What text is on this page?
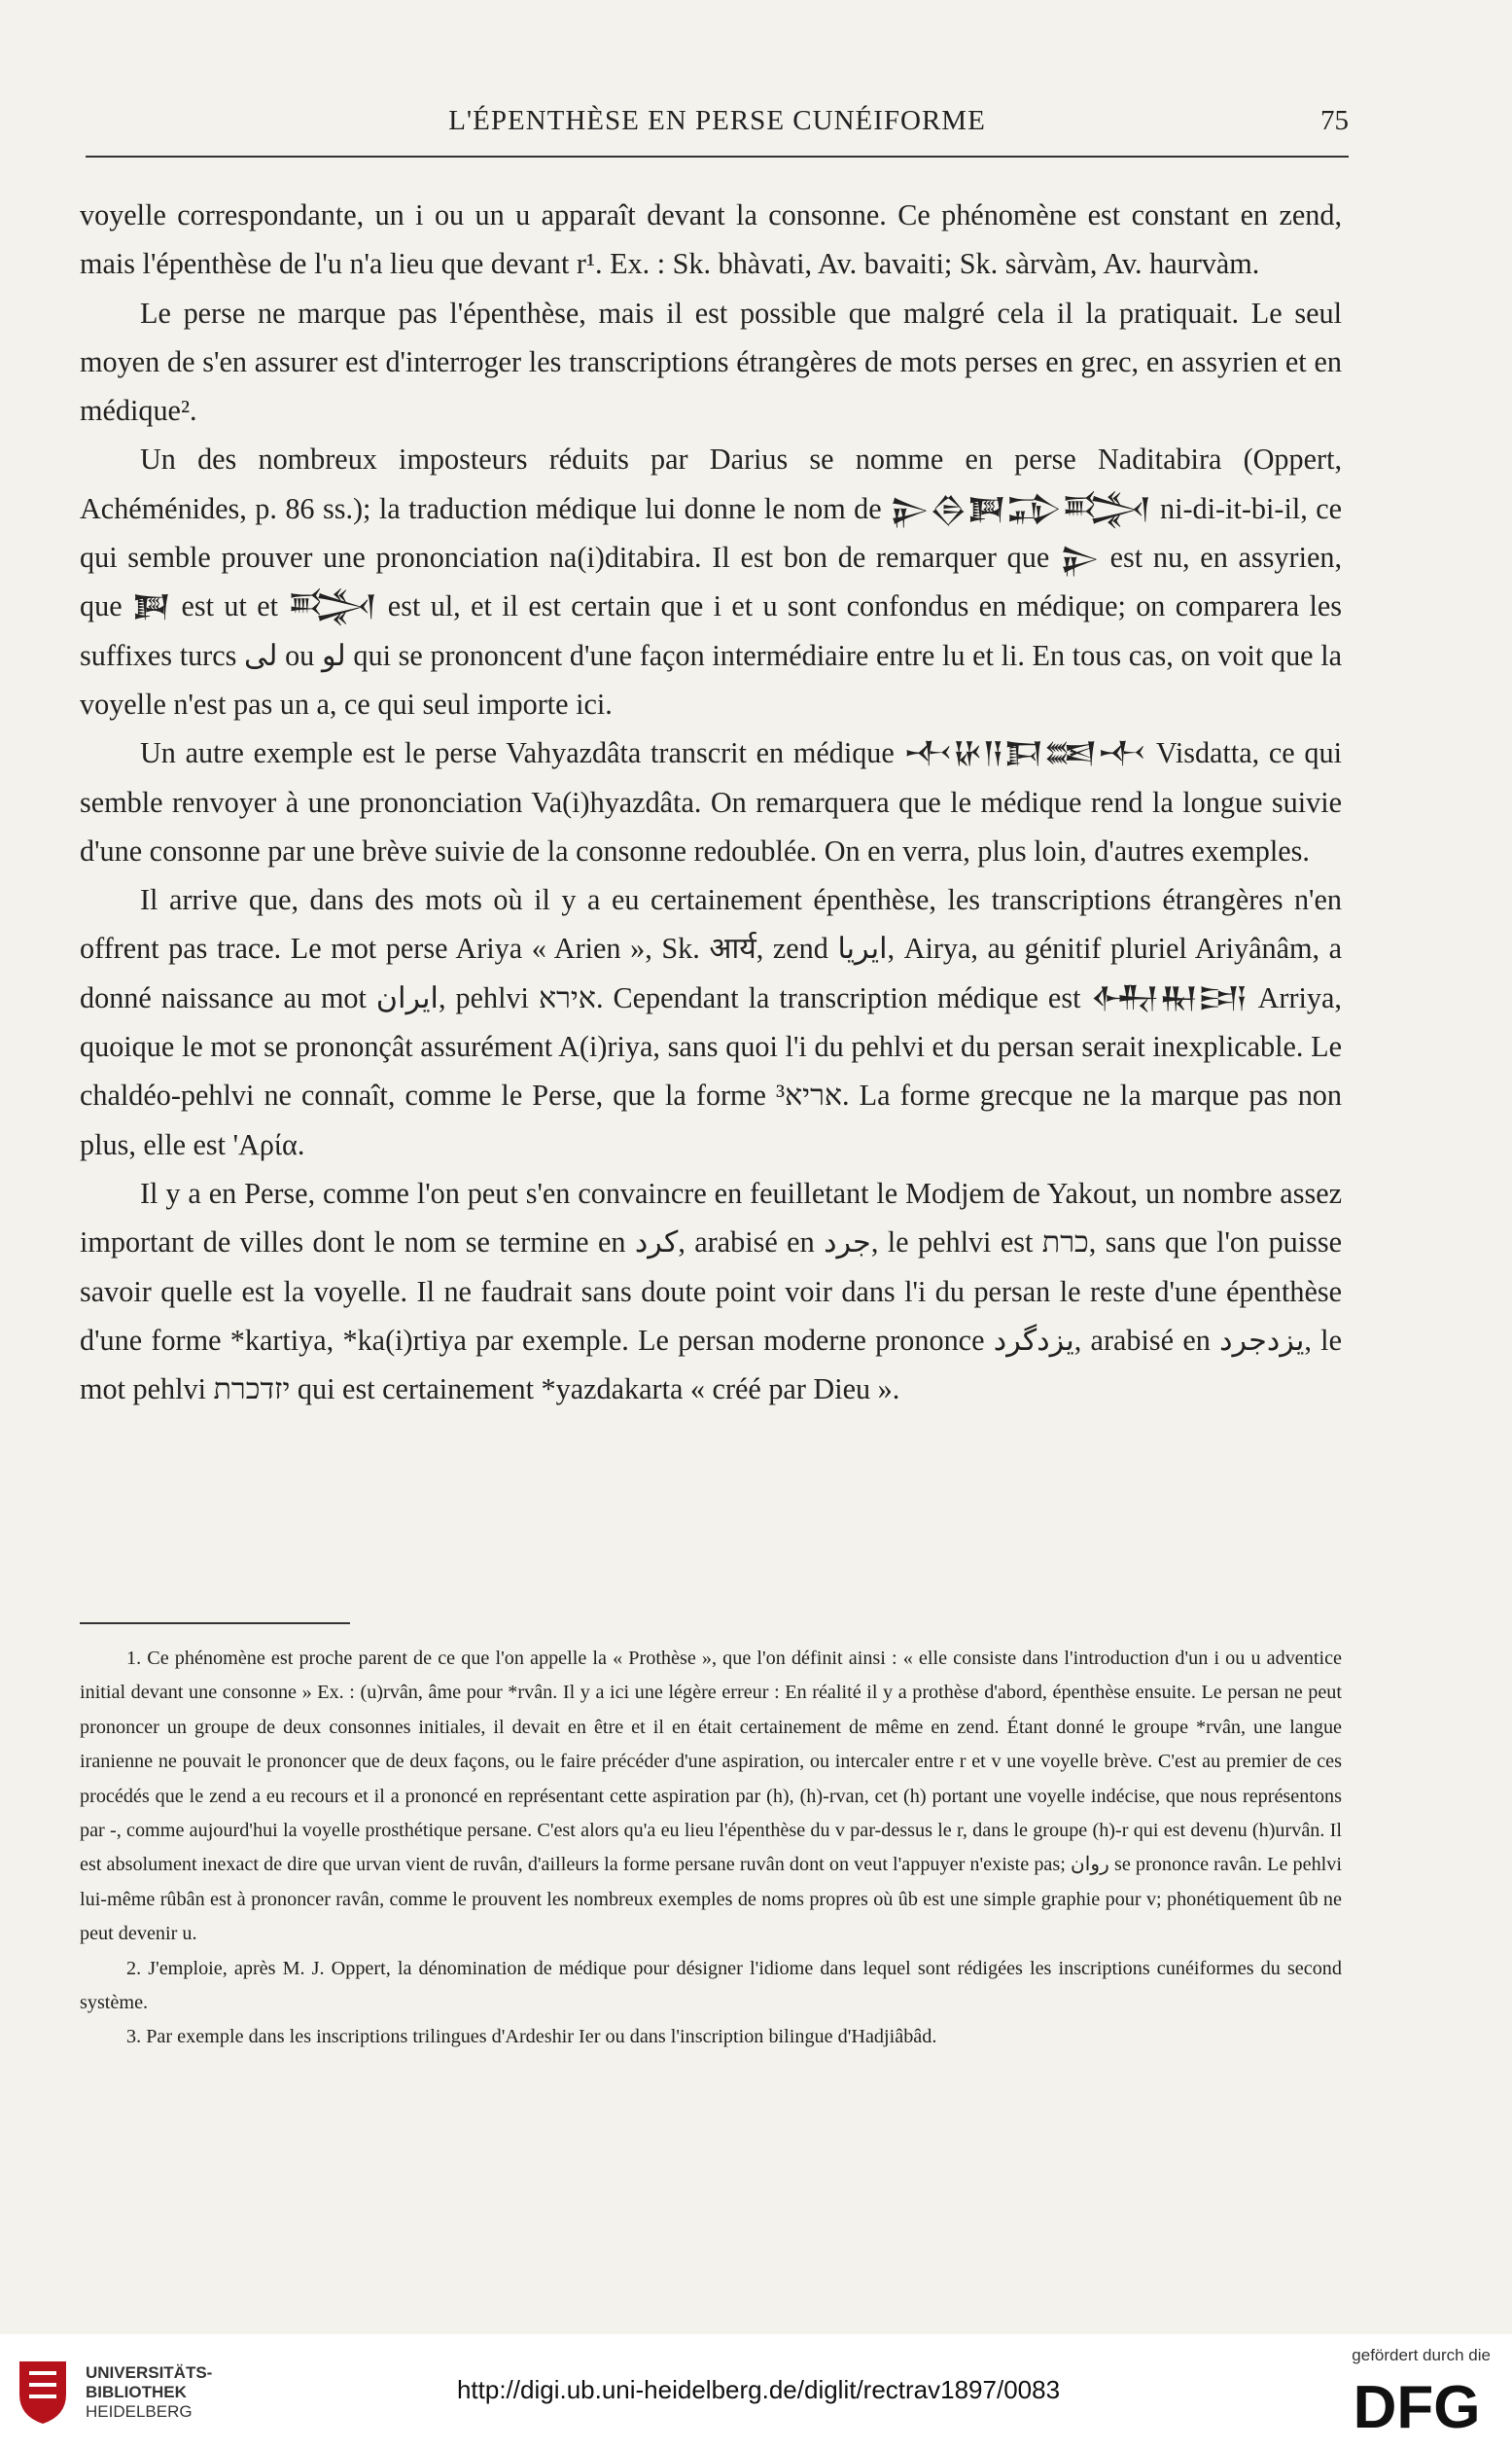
L'ÉPENTHÈSE EN PERSE CUNÉIFORME	75

voyelle correspondante, un i ou un u apparaît devant la consonne. Ce phénomène est constant en zend, mais l'épenthèse de l'u n'a lieu que devant r¹. Ex. : Sk. bhàvati, Av. bavaiti; Sk. sàrvàm, Av. haurvàm.

Le perse ne marque pas l'épenthèse, mais il est possible que malgré cela il la pratiquait. Le seul moyen de s'en assurer est d'interroger les transcriptions étrangères de mots perses en grec, en assyrien et en médique².

Un des nombreux imposteurs réduits par Darius se nomme en perse Naditabira (Oppert, Achéménides, p. 86 ss.); la traduction médique lui donne le nom de 𒉌𒁲𒀉𒁉𒅋 ni-di-it-bi-il, ce qui semble prouver une prononciation na(i)ditabira. Il est bon de remarquer que 𒉌 est nu, en assyrien, que 𒀉 est ut et 𒅋 est ul, et il est certain que i et u sont confondus en médique; on comparera les suffixes turcs لی ou لو qui se prononcent d'une façon intermédiaire entre lu et li. En tous cas, on voit que la voyelle n'est pas un a, ce qui seul importe ici.

Un autre exemple est le perse Vahyazdâta transcrit en médique 𒋾𒄩𒀀𒁕𒌅𒋾 Visdatta, ce qui semble renvoyer à une prononciation Va(i)hyazdâta. On remarquera que le médique rend la longue suivie d'une consonne par une brève suivie de la consonne redoublée. On en verra, plus loin, d'autres exemples.

Il arrive que, dans des mots où il y a eu certainement épenthèse, les transcriptions étrangères n'en offrent pas trace. Le mot perse Ariya « Arien », Sk. आर्य, zend ﺍﻳﺮﻳﺎ, Airya, au génitif pluriel Ariyânâm, a donné naissance au mot ایران, pehlvi אירא. Cependant la transcription médique est 𒅈𒊑𒅀 Arriya, quoique le mot se prononçât assurément A(i)riya, sans quoi l'i du pehlvi et du persan serait inexplicable. Le chaldéo-pehlvi ne connaît, comme le Perse, que la forme אריא³. La forme grecque ne la marque pas non plus, elle est 'Αρία.

Il y a en Perse, comme l'on peut s'en convaincre en feuilletant le Modjem de Yakout, un nombre assez important de villes dont le nom se termine en کرد, arabisé en جرد, le pehlvi est כרת, sans que l'on puisse savoir quelle est la voyelle. Il ne faudrait sans doute point voir dans l'i du persan le reste d'une épenthèse d'une forme *kartiya, *ka(i)rtiya par exemple. Le persan moderne prononce یزدگرد, arabisé en یزدجرد, le mot pehlvi יזדכרת qui est certainement *yazdakarta « créé par Dieu ».

1. Ce phénomène est proche parent de ce que l'on appelle la « Prothèse », que l'on définit ainsi : « elle consiste dans l'introduction d'un i ou u adventice initial devant une consonne » Ex. : (u)rvân, âme pour *rvân. Il y a ici une légère erreur : En réalité il y a prothèse d'abord, épenthèse ensuite. Le persan ne peut prononcer un groupe de deux consonnes initiales, il devait en être et il en était certainement de même en zend. Étant donné le groupe *rvân, une langue iranienne ne pouvait le prononcer que de deux façons, ou le faire précéder d'une aspiration, ou intercaler entre r et v une voyelle brève. C'est au premier de ces procédés que le zend a eu recours et il a prononcé en représentant cette aspiration par (h), (h)-rvan, cet (h) portant une voyelle indécise, que nous représentons par -, comme aujourd'hui la voyelle prosthétique persane. C'est alors qu'a eu lieu l'épenthèse du v par-dessus le r, dans le groupe (h)-r qui est devenu (h)urvân. Il est absolument inexact de dire que urvan vient de ruvân, d'ailleurs la forme persane ruvân dont on veut l'appuyer n'existe pas; روان se prononce ravân. Le pehlvi lui-même rûbân est à prononcer ravân, comme le prouvent les nombreux exemples de noms propres où ûb est une simple graphie pour v; phonétiquement ûb ne peut devenir u.

2. J'emploie, après M. J. Oppert, la dénomination de médique pour désigner l'idiome dans lequel sont rédigées les inscriptions cunéiformes du second système.

3. Par exemple dans les inscriptions trilingues d'Ardeshir Ier ou dans l'inscription bilingue d'Hadjiâbâd.

UNIVERSITÄTS-
BIBLIOTHEK
HEIDELBERG
http://digi.ub.uni-heidelberg.de/diglit/rectrav1897/0083
gefördert durch die
DFG
